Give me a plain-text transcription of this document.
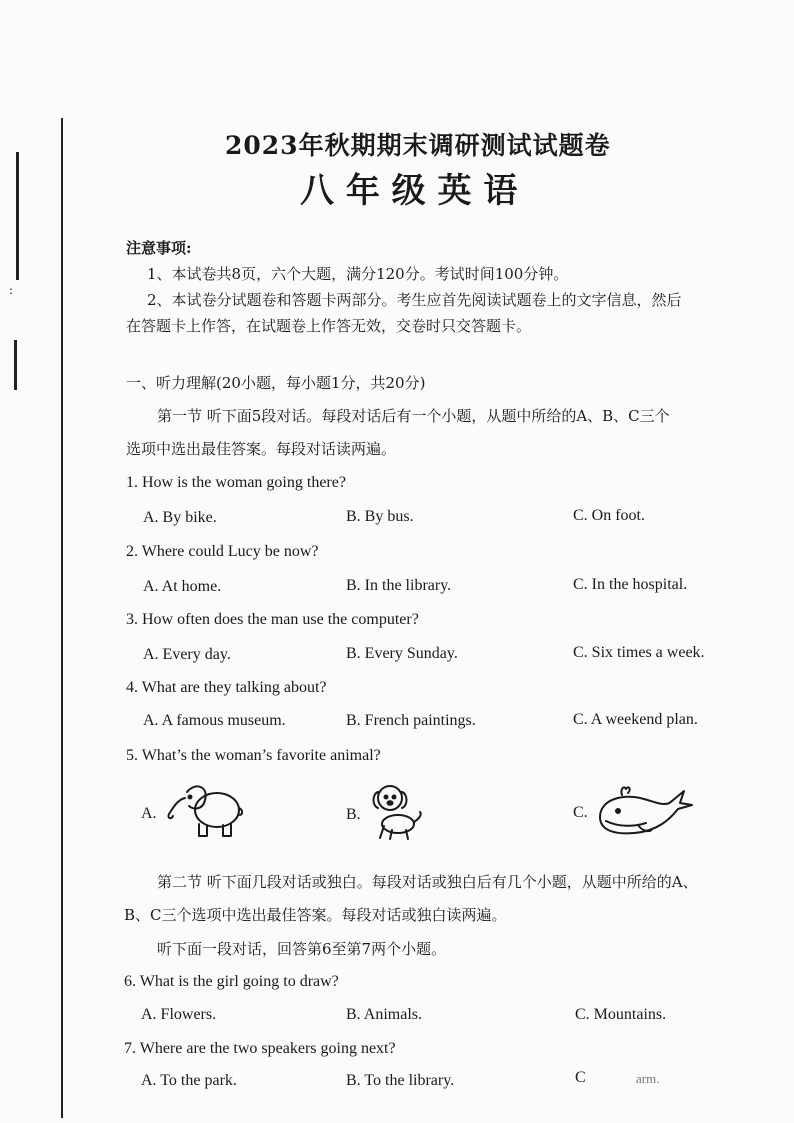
:
2023年秋期期末调研测试试题卷
八 年 级 英 语
注意事项:
1、本试卷共8页，六个大题，满分120分。考试时间100分钟。
2、本试卷分试题卷和答题卡两部分。考生应首先阅读试题卷上的文字信息，然后
在答题卡上作答，在试题卷上作答无效，交卷时只交答题卡。
一、听力理解(20小题，每小题1分，共20分)
第一节 听下面5段对话。每段对话后有一个小题，从题中所给的A、B、C三个
选项中选出最佳答案。每段对话读两遍。
1. How is the woman going there?
A. By bike.	B. By bus.	C. On foot.
2. Where could Lucy be now?
A. At home.	B. In the library.	C. In the hospital.
3. How often does the man use the computer?
A. Every day.	B. Every Sunday.	C. Six times a week.
4. What are they talking about?
A. A famous museum.	B. French paintings.	C. A weekend plan.
5. What’s the woman’s favorite animal?
A.	B.	C.
第二节 听下面几段对话或独白。每段对话或独白后有几个小题，从题中所给的A、
B、C三个选项中选出最佳答案。每段对话或独白读两遍。
听下面一段对话，回答第6至第7两个小题。
6. What is the girl going to draw?
A. Flowers.	B. Animals.	C. Mountains.
7. Where are the two speakers going next?
A. To the park.	B. To the library.	C	arm.
